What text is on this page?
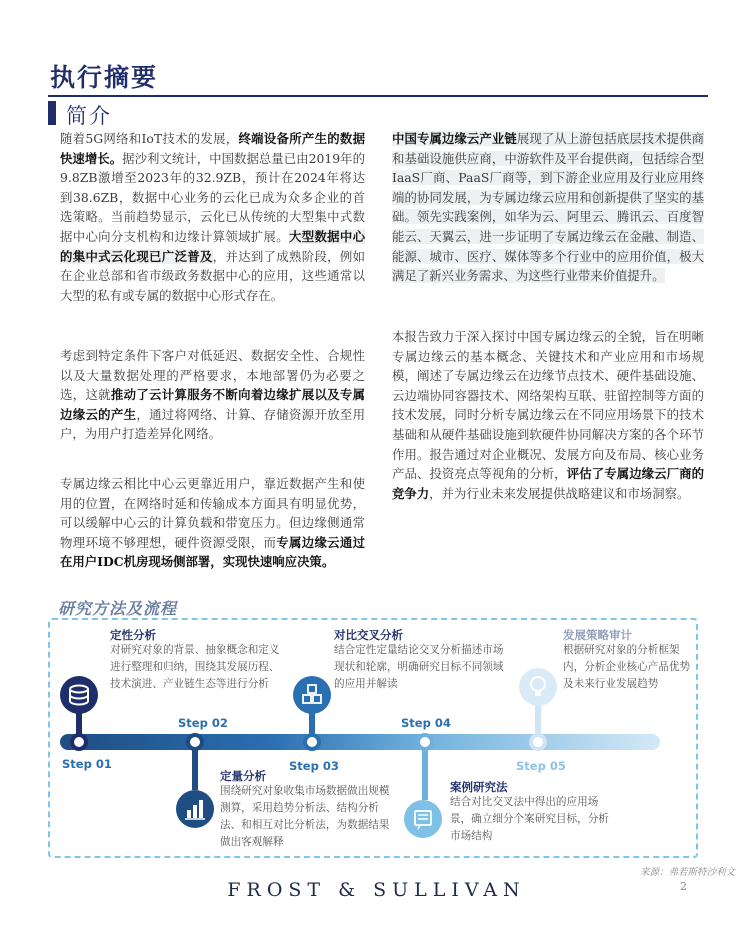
执行摘要
简介
随着5G网络和IoT技术的发展，终端设备所产生的数据快速增长。据沙利文统计，中国数据总量已由2019年的9.8ZB激增至2023年的32.9ZB，预计在2024年将达到38.6ZB，数据中心业务的云化已成为众多企业的首选策略。当前趋势显示，云化已从传统的大型集中式数据中心向分支机构和边缘计算领域扩展。大型数据中心的集中式云化现已广泛普及，并达到了成熟阶段，例如在企业总部和省市级政务数据中心的应用，这些通常以大型的私有或专属的数据中心形式存在。
考虑到特定条件下客户对低延迟、数据安全性、合规性以及大量数据处理的严格要求，本地部署仍为必要之选，这就推动了云计算服务不断向着边缘扩展以及专属边缘云的产生，通过将网络、计算、存储资源开放至用户，为用户打造差异化网络。
专属边缘云相比中心云更靠近用户，靠近数据产生和使用的位置，在网络时延和传输成本方面具有明显优势，可以缓解中心云的计算负载和带宽压力。但边缘侧通常物理环境不够理想，硬件资源受限，而专属边缘云通过在用户IDC机房现场侧部署，实现快速响应决策。
中国专属边缘云产业链展现了从上游包括底层技术提供商和基础设施供应商，中游软件及平台提供商，包括综合型IaaS厂商、PaaS厂商等，到下游企业应用及行业应用终端的协同发展，为专属边缘云应用和创新提供了坚实的基础。领先实践案例，如华为云、阿里云、腾讯云、百度智能云、天翼云，进一步证明了专属边缘云在金融、制造、能源、城市、医疗、媒体等多个行业中的应用价值，极大满足了新兴业务需求、为这些行业带来价值提升。
本报告致力于深入探讨中国专属边缘云的全貌，旨在明晰专属边缘云的基本概念、关键技术和产业应用和市场规模，阐述了专属边缘云在边缘节点技术、硬件基础设施、云边端协同容器技术、网络架构互联、驻留控制等方面的技术发展，同时分析专属边缘云在不同应用场景下的技术基础和从硬件基础设施到软硬件协同解决方案的各个环节作用。报告通过对企业概况、发展方向及布局、核心业务产品、投资亮点等视角的分析，评估了专属边缘云厂商的竞争力，并为行业未来发展提供战略建议和市场洞察。
研究方法及流程
Step 01
定性分析
对研究对象的背景、抽象概念和定义进行整理和归纳，围绕其发展历程、技术演进、产业链生态等进行分析
Step 02
定量分析
围绕研究对象收集市场数据做出规模测算，采用趋势分析法、结构分析法、和相互对比分析法，为数据结果做出客观解释
Step 03
对比交叉分析
结合定性定量结论交叉分析描述市场现状和轮廓，明确研究目标不同领域的应用并解读
Step 04
案例研究法
结合对比交叉法中得出的应用场景，确立细分个案研究目标，分析市场结构
Step 05
发展策略审计
根据研究对象的分析框架内，分析企业核心产品优势及未来行业发展趋势
来源：弗若斯特沙利文
FROST & SULLIVAN	2
